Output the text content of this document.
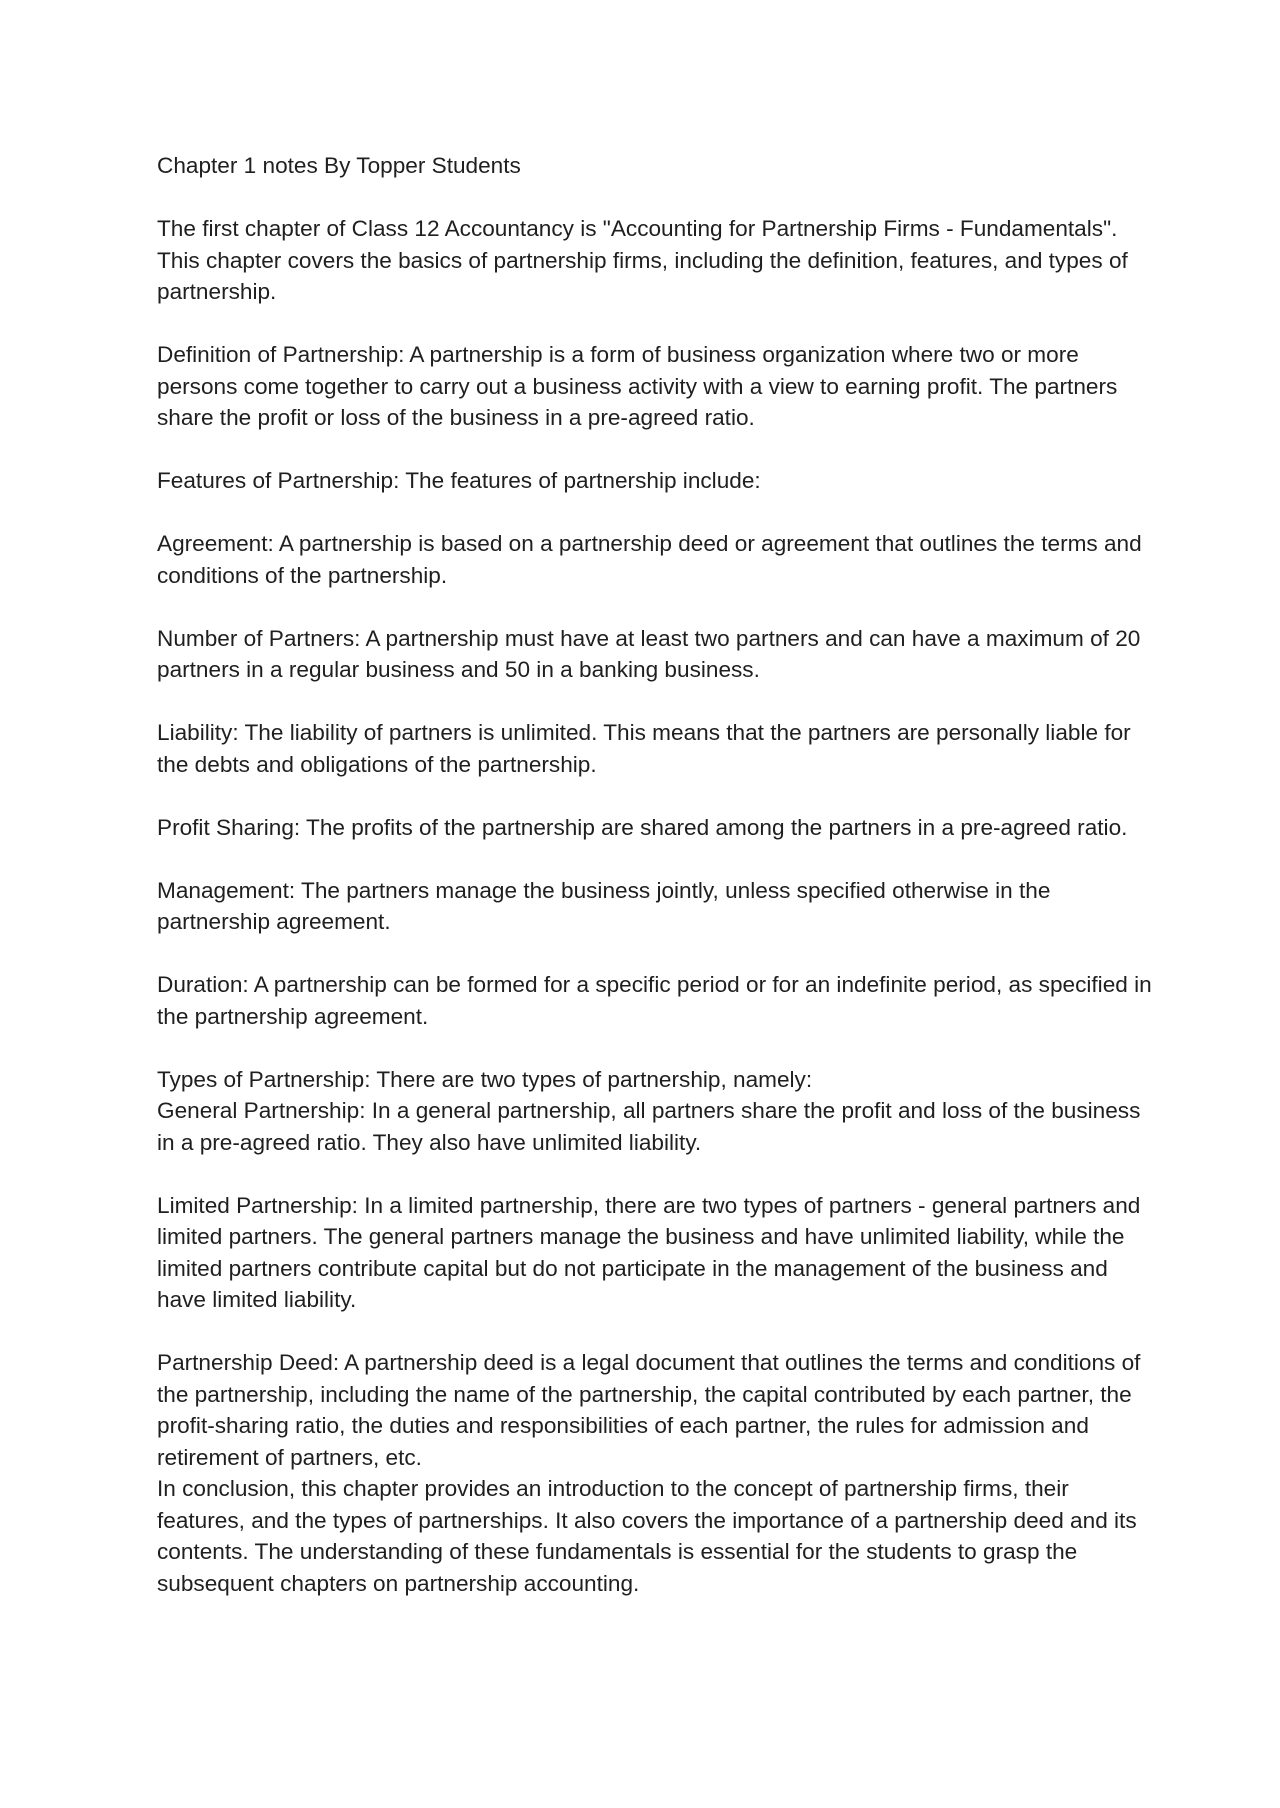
Chapter 1 notes By Topper Students

The first chapter of Class 12 Accountancy is "Accounting for Partnership Firms - Fundamentals". This chapter covers the basics of partnership firms, including the definition, features, and types of partnership.

Definition of Partnership: A partnership is a form of business organization where two or more persons come together to carry out a business activity with a view to earning profit. The partners share the profit or loss of the business in a pre-agreed ratio.

Features of Partnership: The features of partnership include:

Agreement: A partnership is based on a partnership deed or agreement that outlines the terms and conditions of the partnership.

Number of Partners: A partnership must have at least two partners and can have a maximum of 20 partners in a regular business and 50 in a banking business.

Liability: The liability of partners is unlimited. This means that the partners are personally liable for the debts and obligations of the partnership.

Profit Sharing: The profits of the partnership are shared among the partners in a pre-agreed ratio.

Management: The partners manage the business jointly, unless specified otherwise in the partnership agreement.

Duration: A partnership can be formed for a specific period or for an indefinite period, as specified in the partnership agreement.

Types of Partnership: There are two types of partnership, namely:

General Partnership: In a general partnership, all partners share the profit and loss of the business in a pre-agreed ratio. They also have unlimited liability.

Limited Partnership: In a limited partnership, there are two types of partners - general partners and limited partners. The general partners manage the business and have unlimited liability, while the limited partners contribute capital but do not participate in the management of the business and have limited liability.

Partnership Deed: A partnership deed is a legal document that outlines the terms and conditions of the partnership, including the name of the partnership, the capital contributed by each partner, the profit-sharing ratio, the duties and responsibilities of each partner, the rules for admission and retirement of partners, etc.

In conclusion, this chapter provides an introduction to the concept of partnership firms, their features, and the types of partnerships. It also covers the importance of a partnership deed and its contents. The understanding of these fundamentals is essential for the students to grasp the subsequent chapters on partnership accounting.
